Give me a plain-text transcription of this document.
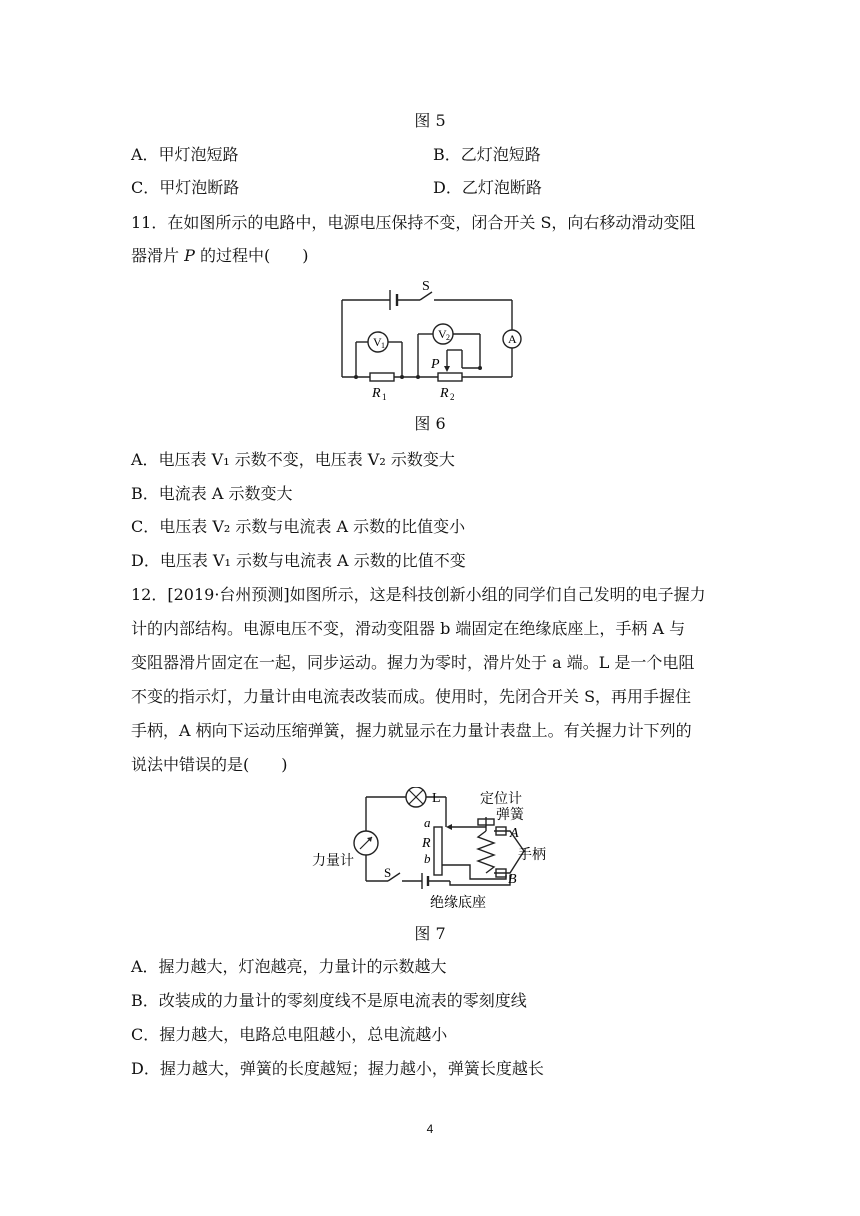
图 5
A．甲灯泡短路	B．乙灯泡短路
C．甲灯泡断路	D．乙灯泡断路
11．在如图所示的电路中，电源电压保持不变，闭合开关 S，向右移动滑动变阻
器滑片 P 的过程中(　　)
S
V 1
V 2	A
P
R 1	R 2
图 6
A．电压表 V₁ 示数不变，电压表 V₂ 示数变大
B．电流表 A 示数变大
C．电压表 V₂ 示数与电流表 A 示数的比值变小
D．电压表 V₁ 示数与电流表 A 示数的比值不变
12．[2019·台州预测]如图所示，这是科技创新小组的同学们自己发明的电子握力
计的内部结构。电源电压不变，滑动变阻器 b 端固定在绝缘底座上，手柄 A 与
变阻器滑片固定在一起，同步运动。握力为零时，滑片处于 a 端。L 是一个电阻
不变的指示灯，力量计由电流表改装而成。使用时，先闭合开关 S，再用手握住
手柄，A 柄向下运动压缩弹簧，握力就显示在力量计表盘上。有关握力计下列的
说法中错误的是(　　)
L	定位计
弹簧
A
手柄
B
a
R
b
力量计
S
绝缘底座
图 7
A．握力越大，灯泡越亮，力量计的示数越大
B．改装成的力量计的零刻度线不是原电流表的零刻度线
C．握力越大，电路总电阻越小，总电流越小
D．握力越大，弹簧的长度越短；握力越小，弹簧长度越长
4
